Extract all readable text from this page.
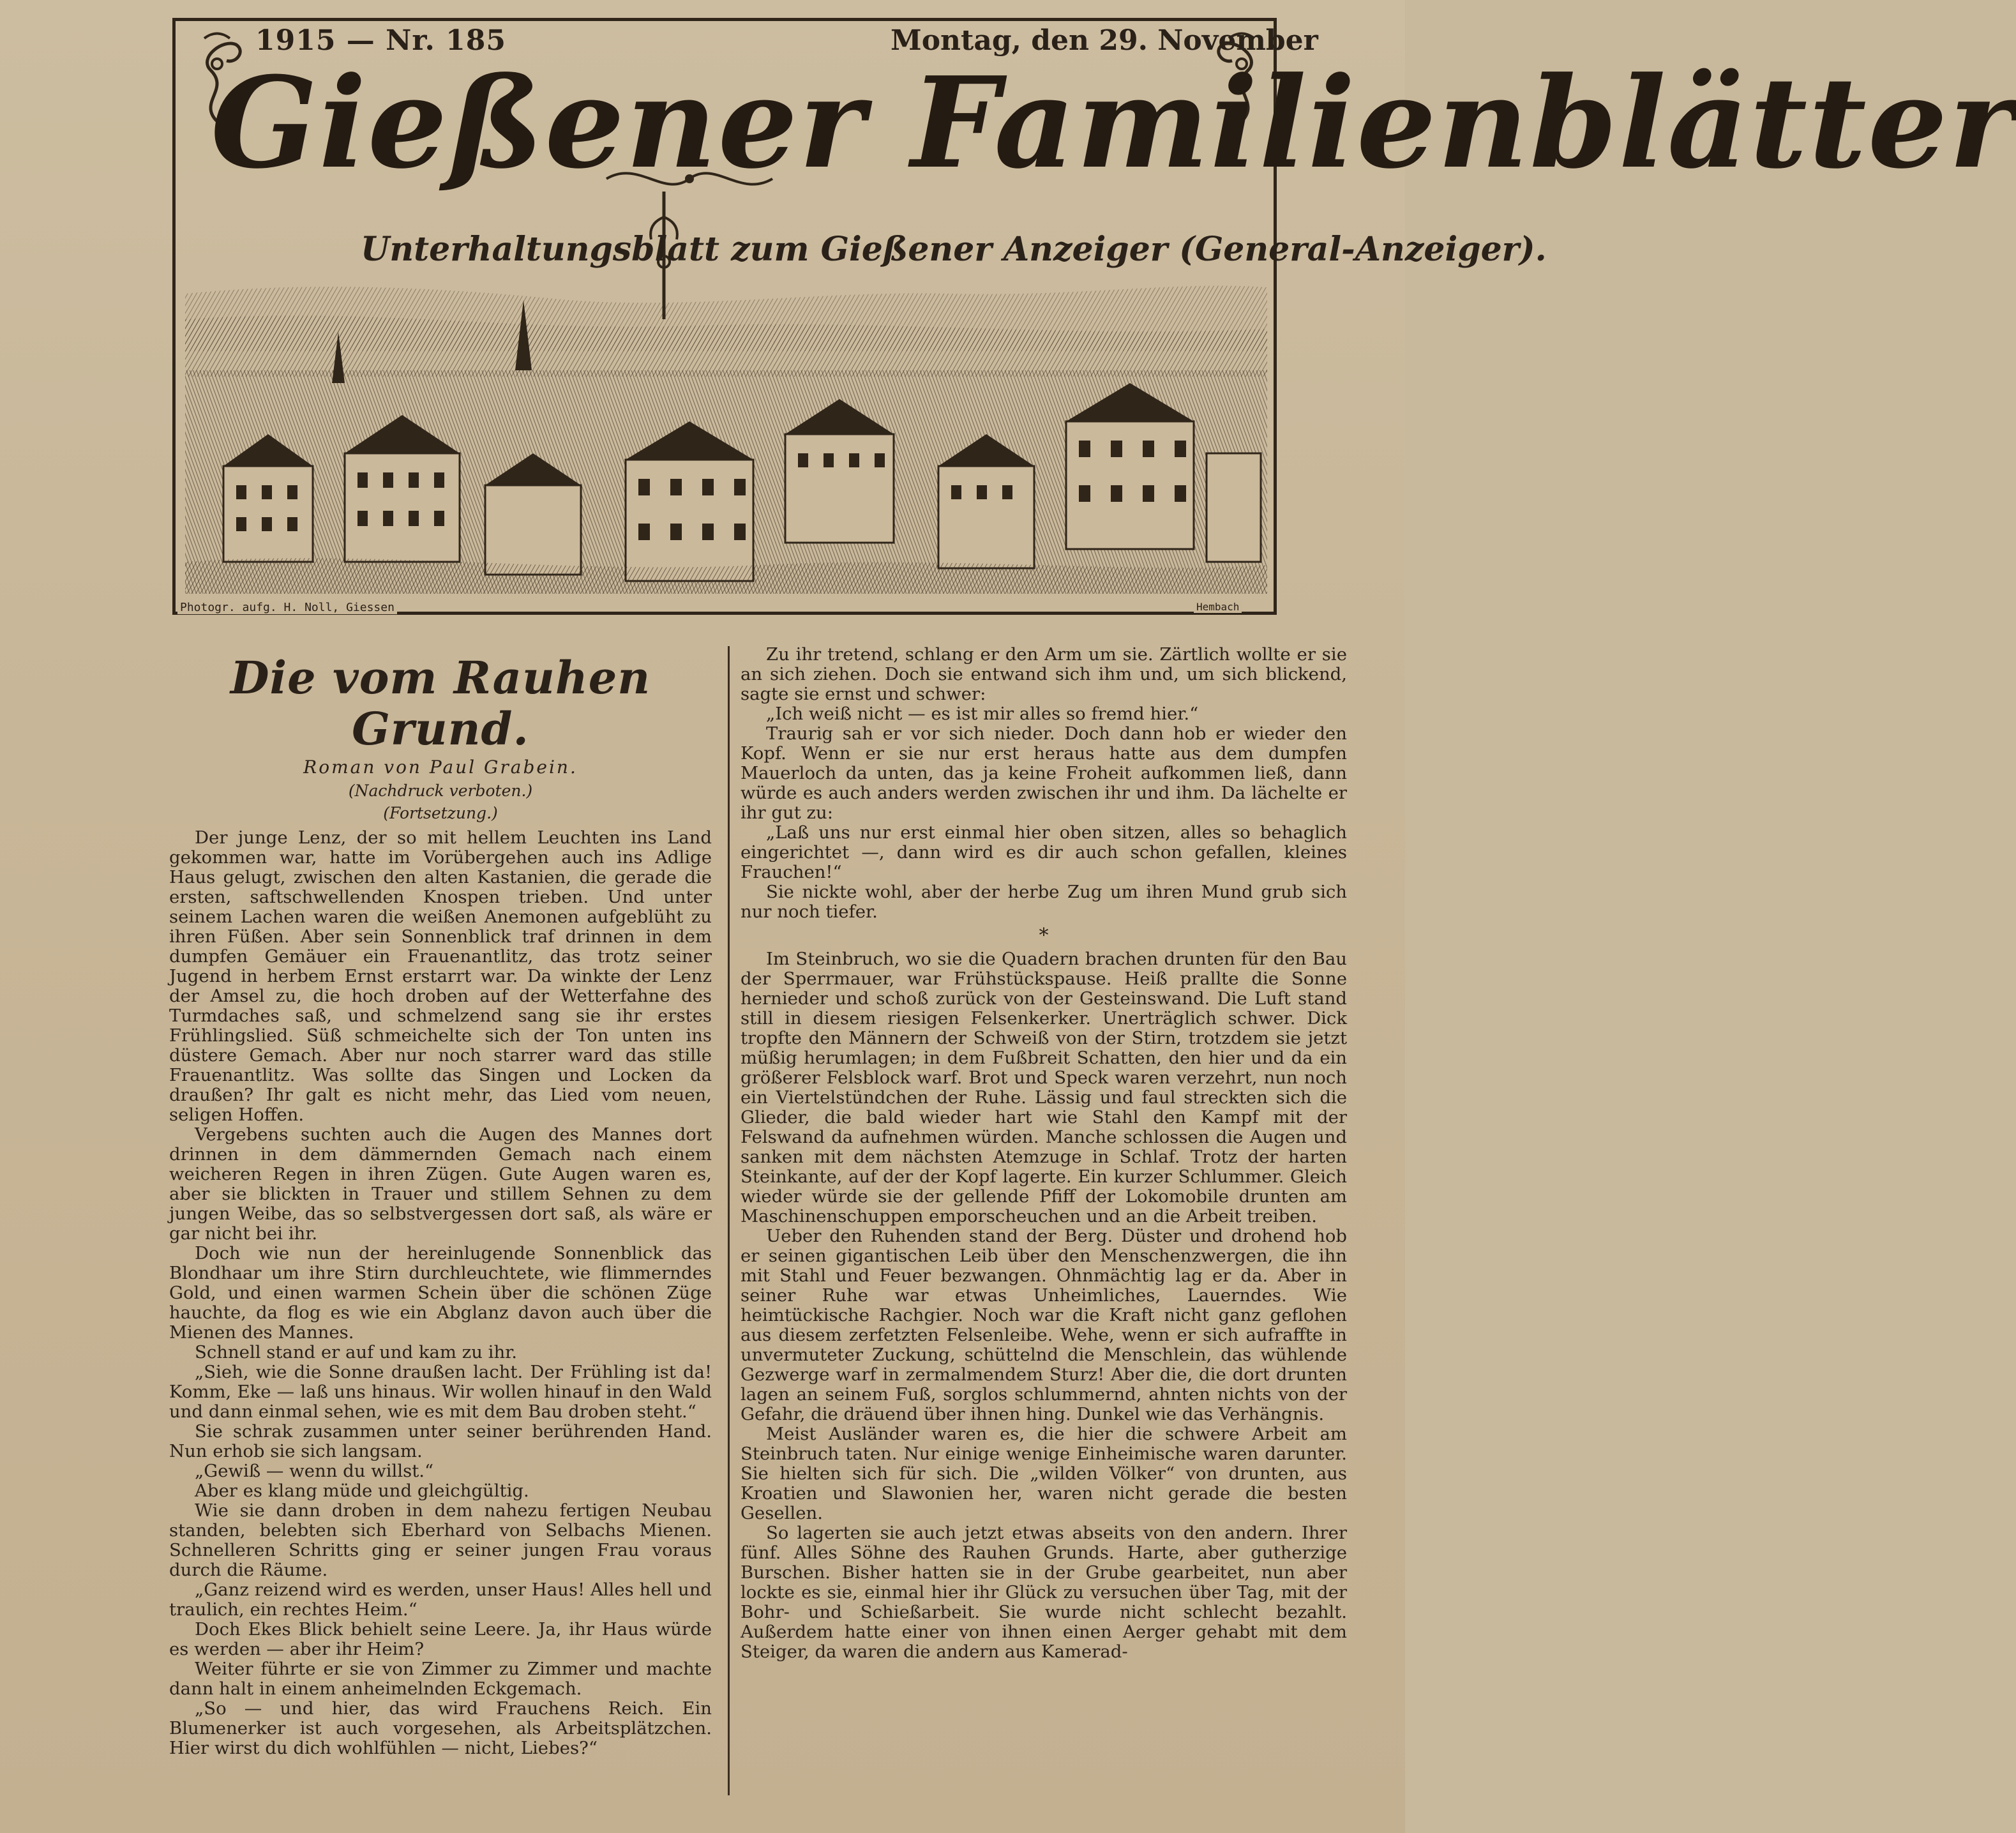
1915 — Nr. 185	Montag, den 29. November
Gießener Familienblätter
Unterhaltungsblatt zum Gießener Anzeiger (General-Anzeiger).
Photogr. aufg. H. Noll, Giessen	Hembach
Die vom Rauhen Grund.
Roman von Paul Grabein.
(Nachdruck verboten.)
(Fortsetzung.)

Der junge Lenz, der so mit hellem Leuchten ins Land gekommen war, hatte im Vorübergehen auch ins Adlige Haus gelugt, zwischen den alten Kastanien, die gerade die ersten, saftschwellenden Knospen trieben. Und unter seinem Lachen waren die weißen Anemonen aufgeblüht zu ihren Füßen. Aber sein Sonnenblick traf drinnen in dem dumpfen Gemäuer ein Frauenantlitz, das trotz seiner Jugend in herbem Ernst erstarrt war. Da winkte der Lenz der Amsel zu, die hoch droben auf der Wetterfahne des Turmdaches saß, und schmelzend sang sie ihr erstes Frühlingslied. Süß schmeichelte sich der Ton unten ins düstere Gemach. Aber nur noch starrer ward das stille Frauenantlitz. Was sollte das Singen und Locken da draußen? Ihr galt es nicht mehr, das Lied vom neuen, seligen Hoffen.

Vergebens suchten auch die Augen des Mannes dort drinnen in dem dämmernden Gemach nach einem weicheren Regen in ihren Zügen. Gute Augen waren es, aber sie blickten in Trauer und stillem Sehnen zu dem jungen Weibe, das so selbstvergessen dort saß, als wäre er gar nicht bei ihr.

Doch wie nun der hereinlugende Sonnenblick das Blondhaar um ihre Stirn durchleuchtete, wie flimmerndes Gold, und einen warmen Schein über die schönen Züge hauchte, da flog es wie ein Abglanz davon auch über die Mienen des Mannes.

Schnell stand er auf und kam zu ihr.

„Sieh, wie die Sonne draußen lacht. Der Frühling ist da! Komm, Eke — laß uns hinaus. Wir wollen hinauf in den Wald und dann einmal sehen, wie es mit dem Bau droben steht.“

Sie schrak zusammen unter seiner berührenden Hand. Nun erhob sie sich langsam.

„Gewiß — wenn du willst.“

Aber es klang müde und gleichgültig.

Wie sie dann droben in dem nahezu fertigen Neubau standen, belebten sich Eberhard von Selbachs Mienen. Schnelleren Schritts ging er seiner jungen Frau voraus durch die Räume.

„Ganz reizend wird es werden, unser Haus! Alles hell und traulich, ein rechtes Heim.“

Doch Ekes Blick behielt seine Leere. Ja, ihr Haus würde es werden — aber ihr Heim?

Weiter führte er sie von Zimmer zu Zimmer und machte dann halt in einem anheimelnden Eckgemach.

„So — und hier, das wird Frauchens Reich. Ein Blumenerker ist auch vorgesehen, als Arbeitsplätzchen. Hier wirst du dich wohlfühlen — nicht, Liebes?“

Zu ihr tretend, schlang er den Arm um sie. Zärtlich wollte er sie an sich ziehen. Doch sie entwand sich ihm und, um sich blickend, sagte sie ernst und schwer:

„Ich weiß nicht — es ist mir alles so fremd hier.“

Traurig sah er vor sich nieder. Doch dann hob er wieder den Kopf. Wenn er sie nur erst heraus hatte aus dem dumpfen Mauerloch da unten, das ja keine Froheit aufkommen ließ, dann würde es auch anders werden zwischen ihr und ihm. Da lächelte er ihr gut zu:

„Laß uns nur erst einmal hier oben sitzen, alles so behaglich eingerichtet —, dann wird es dir auch schon gefallen, kleines Frauchen!“

Sie nickte wohl, aber der herbe Zug um ihren Mund grub sich nur noch tiefer.

*

Im Steinbruch, wo sie die Quadern brachen drunten für den Bau der Sperrmauer, war Frühstückspause. Heiß prallte die Sonne hernieder und schoß zurück von der Gesteinswand. Die Luft stand still in diesem riesigen Felsenkerker. Unerträglich schwer. Dick tropfte den Männern der Schweiß von der Stirn, trotzdem sie jetzt müßig herumlagen; in dem Fußbreit Schatten, den hier und da ein größerer Felsblock warf. Brot und Speck waren verzehrt, nun noch ein Viertelstündchen der Ruhe. Lässig und faul streckten sich die Glieder, die bald wieder hart wie Stahl den Kampf mit der Felswand da aufnehmen würden. Manche schlossen die Augen und sanken mit dem nächsten Atemzuge in Schlaf. Trotz der harten Steinkante, auf der der Kopf lagerte. Ein kurzer Schlummer. Gleich wieder würde sie der gellende Pfiff der Lokomobile drunten am Maschinenschuppen emporscheuchen und an die Arbeit treiben.

Ueber den Ruhenden stand der Berg. Düster und drohend hob er seinen gigantischen Leib über den Menschenzwergen, die ihn mit Stahl und Feuer bezwangen. Ohnmächtig lag er da. Aber in seiner Ruhe war etwas Unheimliches, Lauerndes. Wie heimtückische Rachgier. Noch war die Kraft nicht ganz geflohen aus diesem zerfetzten Felsenleibe. Wehe, wenn er sich aufraffte in unvermuteter Zuckung, schüttelnd die Menschlein, das wühlende Gezwerge warf in zermalmendem Sturz! Aber die, die dort drunten lagen an seinem Fuß, sorglos schlummernd, ahnten nichts von der Gefahr, die dräuend über ihnen hing. Dunkel wie das Verhängnis.

Meist Ausländer waren es, die hier die schwere Arbeit am Steinbruch taten. Nur einige wenige Einheimische waren darunter. Sie hielten sich für sich. Die „wilden Völker“ von drunten, aus Kroatien und Slawonien her, waren nicht gerade die besten Gesellen.

So lagerten sie auch jetzt etwas abseits von den andern. Ihrer fünf. Alles Söhne des Rauhen Grunds. Harte, aber gutherzige Burschen. Bisher hatten sie in der Grube gearbeitet, nun aber lockte es sie, einmal hier ihr Glück zu versuchen über Tag, mit der Bohr- und Schießarbeit. Sie wurde nicht schlecht bezahlt. Außerdem hatte einer von ihnen einen Aerger gehabt mit dem Steiger, da waren die andern aus Kamerad-
